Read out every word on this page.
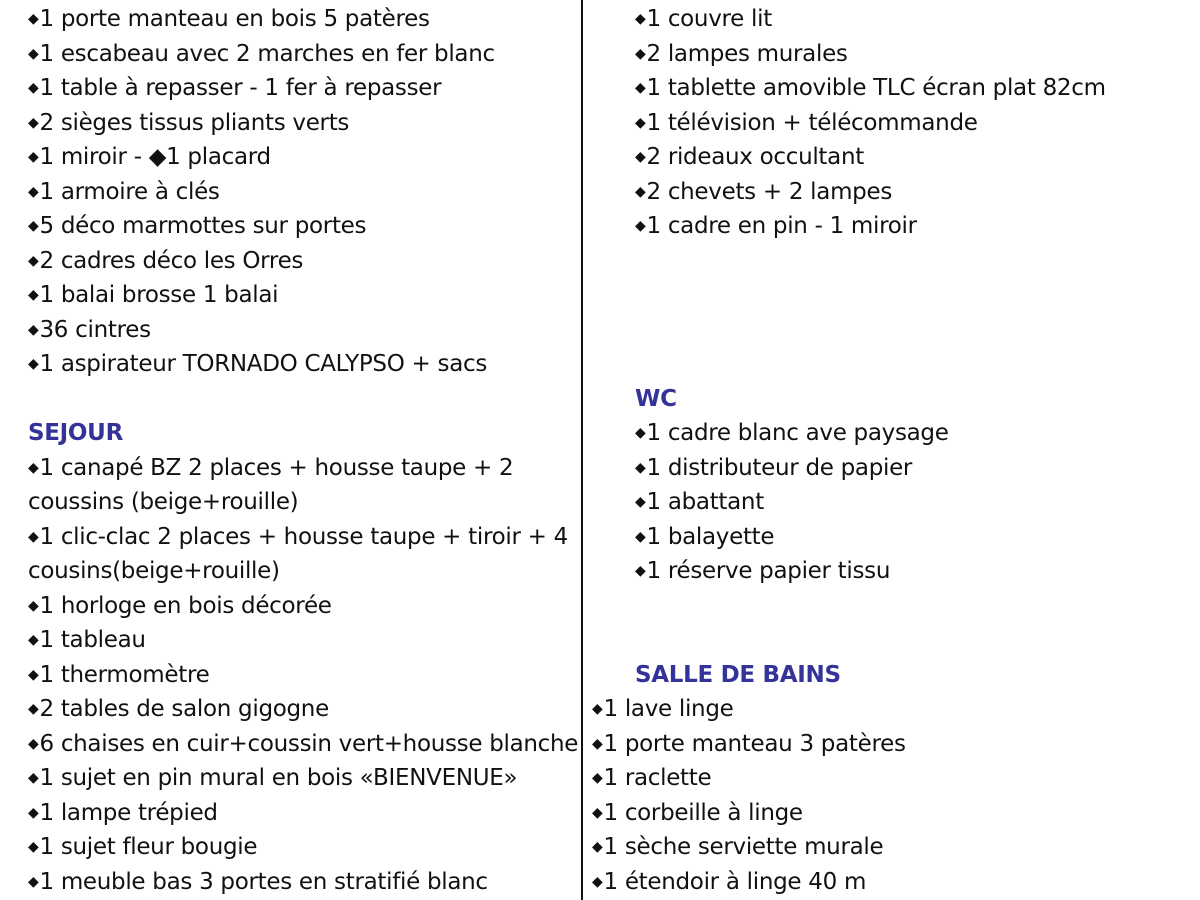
◆1 porte manteau en bois 5 patères
◆1 escabeau avec 2 marches en fer blanc
◆1 table à repasser - 1 fer à repasser
◆2 sièges tissus pliants verts
◆1 miroir - ◆1 placard
◆1 armoire à clés
◆5 déco marmottes sur portes
◆2 cadres déco les Orres
◆1 balai brosse 1 balai
◆36 cintres
◆1 aspirateur TORNADO CALYPSO + sacs
SEJOUR
◆1 canapé BZ 2 places + housse taupe + 2
coussins (beige+rouille)
◆1 clic-clac 2 places + housse taupe + tiroir + 4
cousins(beige+rouille)
◆1 horloge en bois décorée
◆1 tableau
◆1 thermomètre
◆2 tables de salon gigogne
◆6 chaises en cuir+coussin vert+housse blanche
◆1 sujet en pin mural en bois «BIENVENUE»
◆1 lampe trépied
◆1 sujet fleur bougie
◆1 meuble bas 3 portes en stratifié blanc
◆1 couvre lit
◆2 lampes murales
◆1 tablette amovible TLC écran plat 82cm
◆1 télévision + télécommande
◆2 rideaux occultant
◆2 chevets + 2 lampes
◆1 cadre en pin - 1 miroir
WC
◆1 cadre blanc ave paysage
◆1 distributeur de papier
◆1 abattant
◆1 balayette
◆1 réserve papier tissu
SALLE DE BAINS
◆1 lave linge
◆1 porte manteau 3 patères
◆1 raclette
◆1 corbeille à linge
◆1 sèche serviette murale
◆1 étendoir à linge 40 m
